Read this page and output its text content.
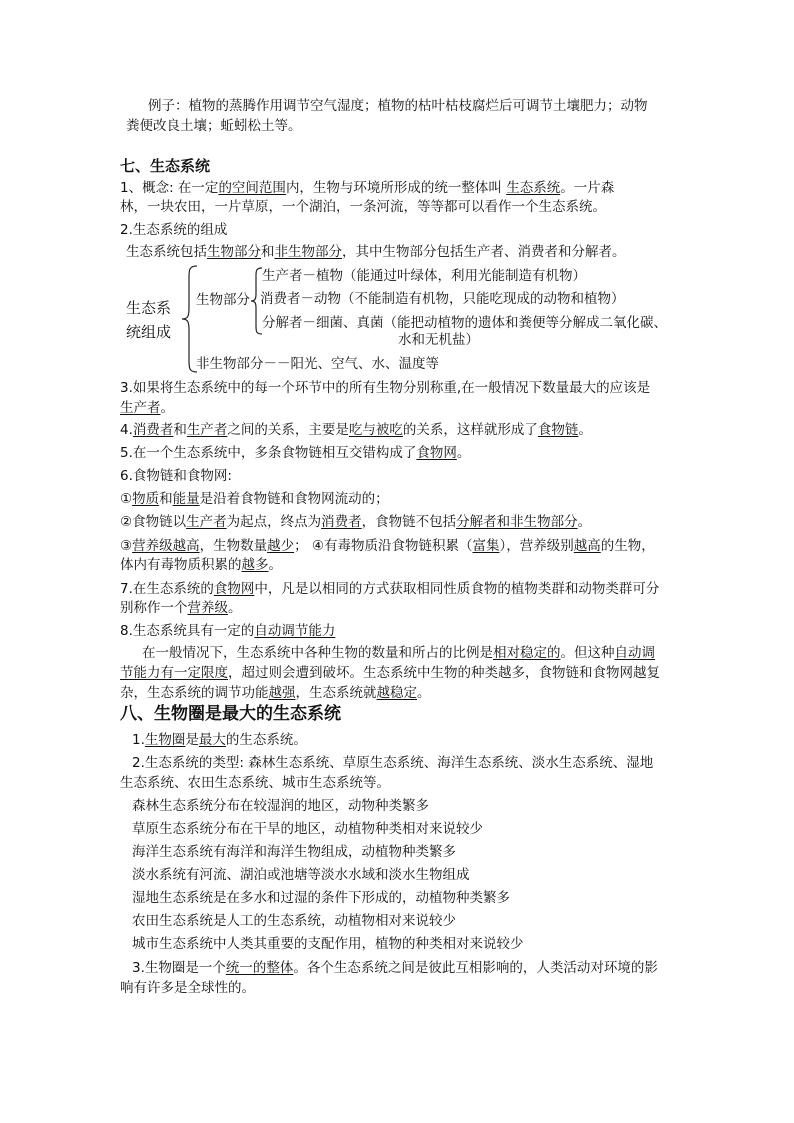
例子：植物的蒸腾作用调节空气湿度；植物的枯叶枯枝腐烂后可调节土壤肥力；动物
粪便改良土壤；蚯蚓松土等。
七、生态系统
1、概念: 在一定的空间范围内，生物与环境所形成的统一整体叫 生态系统。一片森
林，一块农田，一片草原，一个湖泊，一条河流，等等都可以看作一个生态系统。
2.生态系统的组成
生态系统包括生物部分和非生物部分，其中生物部分包括生产者、消费者和分解者。
生态系
统组成
生物部分
生产者－植物（能通过叶绿体，利用光能制造有机物）
消费者－动物（不能制造有机物，只能吃现成的动物和植物）
分解者－细菌、真菌（能把动植物的遗体和粪便等分解成二氧化碳、
水和无机盐）
非生物部分－－阳光、空气、水、温度等
3.如果将生态系统中的每一个环节中的所有生物分别称重,在一般情况下数量最大的应该是
生产者。
4.消费者和生产者之间的关系，主要是吃与被吃的关系，这样就形成了食物链。
5.在一个生态系统中，多条食物链相互交错构成了食物网。
6.食物链和食物网:
①物质和能量是沿着食物链和食物网流动的；
②食物链以生产者为起点，终点为消费者，食物链不包括分解者和非生物部分。
③营养级越高，生物数量越少； ④有毒物质沿食物链积累（富集），营养级别越高的生物，
体内有毒物质积累的越多。
7.在生态系统的食物网中，凡是以相同的方式获取相同性质食物的植物类群和动物类群可分
别称作一个营养级。
8.生态系统具有一定的自动调节能力
在一般情况下，生态系统中各种生物的数量和所占的比例是相对稳定的。但这种自动调
节能力有一定限度，超过则会遭到破坏。生态系统中生物的种类越多，食物链和食物网越复
杂，生态系统的调节功能越强，生态系统就越稳定。
八、生物圈是最大的生态系统
1.生物圈是最大的生态系统。
2.生态系统的类型: 森林生态系统、草原生态系统、海洋生态系统、淡水生态系统、湿地
生态系统、农田生态系统、城市生态系统等。
森林生态系统分布在较湿润的地区，动物种类繁多
草原生态系统分布在干旱的地区，动植物种类相对来说较少
海洋生态系统有海洋和海洋生物组成，动植物种类繁多
淡水系统有河流、湖泊或池塘等淡水水域和淡水生物组成
湿地生态系统是在多水和过湿的条件下形成的，动植物种类繁多
农田生态系统是人工的生态系统，动植物相对来说较少
城市生态系统中人类其重要的支配作用，植物的种类相对来说较少
3.生物圈是一个统一的整体。各个生态系统之间是彼此互相影响的，人类活动对环境的影
响有许多是全球性的。
